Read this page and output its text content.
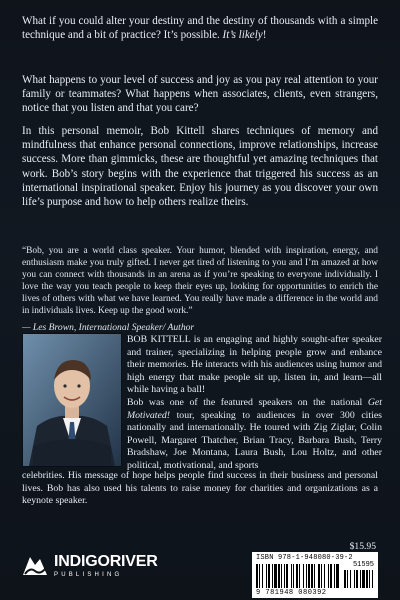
What if you could alter your destiny and the destiny of thousands with a simple technique and a bit of practice? It’s possible. It’s likely!
What happens to your level of success and joy as you pay real attention to your family or teammates? What happens when associates, clients, even strangers, notice that you listen and that you care?
In this personal memoir, Bob Kittell shares techniques of memory and mindfulness that enhance personal connections, improve relationships, increase success. More than gimmicks, these are thoughtful yet amazing techniques that work. Bob’s story begins with the experience that triggered his success as an international inspirational speaker. Enjoy his journey as you discover your own life’s purpose and how to help others realize theirs.
“Bob, you are a world class speaker. Your humor, blended with inspiration, energy, and enthusiasm make you truly gifted. I never get tired of listening to you and I’m amazed at how you can connect with thousands in an arena as if you’re speaking to everyone individually. I love the way you teach people to keep their eyes up, looking for opportunities to enrich the lives of others with what we have learned. You really have made a difference in the world and in individuals lives. Keep up the good work.”
— Les Brown, International Speaker/ Author
BOB KITTELL is an engaging and highly sought-after speaker and trainer, specializing in helping people grow and enhance their memories. He interacts with his audiences using humor and high energy that make people sit up, listen in, and learn—all while having a ball!
Bob was one of the featured speakers on the national Get Motivated! tour, speaking to audiences in over 300 cities nationally and internationally. He toured with Zig Ziglar, Colin Powell, Margaret Thatcher, Brian Tracy, Barbara Bush, Terry Bradshaw, Joe Montana, Laura Bush, Lou Holtz, and other political, motivational, and sports
celebrities. His message of hope helps people find success in their business and personal lives. Bob has also used his talents to raise money for charities and organizations as a keynote speaker.
$15.95
INDIGORIVER
PUBLISHING
ISBN 978-1-948080-39-2
51595
9 781948 080392
